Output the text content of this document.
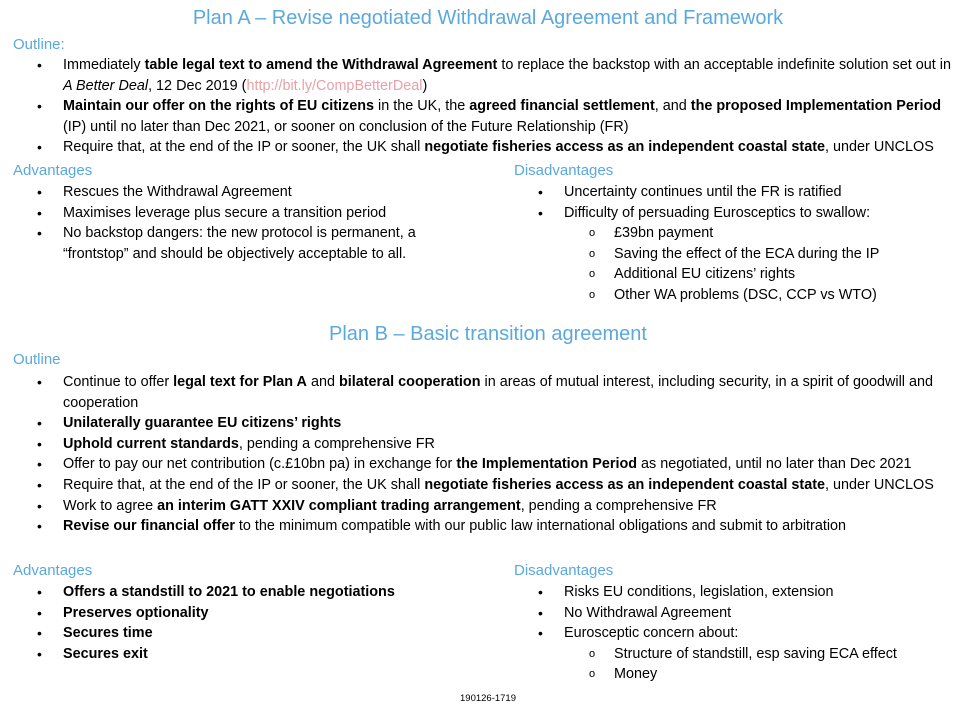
Plan A – Revise negotiated Withdrawal Agreement and Framework
Outline:
• Immediately table legal text to amend the Withdrawal Agreement to replace the backstop with an acceptable indefinite solution set out in A Better Deal, 12 Dec 2019 (http://bit.ly/CompBetterDeal)
• Maintain our offer on the rights of EU citizens in the UK, the agreed financial settlement, and the proposed Implementation Period (IP) until no later than Dec 2021, or sooner on conclusion of the Future Relationship (FR)
• Require that, at the end of the IP or sooner, the UK shall negotiate fisheries access as an independent coastal state, under UNCLOS
Advantages
• Rescues the Withdrawal Agreement
• Maximises leverage plus secure a transition period
• No backstop dangers: the new protocol is permanent, a “frontstop” and should be objectively acceptable to all.
Disadvantages
• Uncertainty continues until the FR is ratified
• Difficulty of persuading Eurosceptics to swallow:
o £39bn payment
o Saving the effect of the ECA during the IP
o Additional EU citizens’ rights
o Other WA problems (DSC, CCP vs WTO)
Plan B – Basic transition agreement
Outline
• Continue to offer legal text for Plan A and bilateral cooperation in areas of mutual interest, including security, in a spirit of goodwill and cooperation
• Unilaterally guarantee EU citizens’ rights
• Uphold current standards, pending a comprehensive FR
• Offer to pay our net contribution (c.£10bn pa) in exchange for the Implementation Period as negotiated, until no later than Dec 2021
• Require that, at the end of the IP or sooner, the UK shall negotiate fisheries access as an independent coastal state, under UNCLOS
• Work to agree an interim GATT XXIV compliant trading arrangement, pending a comprehensive FR
• Revise our financial offer to the minimum compatible with our public law international obligations and submit to arbitration
Advantages
• Offers a standstill to 2021 to enable negotiations
• Preserves optionality
• Secures time
• Secures exit
Disadvantages
• Risks EU conditions, legislation, extension
• No Withdrawal Agreement
• Eurosceptic concern about:
o Structure of standstill, esp saving ECA effect
o Money
190126-1719
